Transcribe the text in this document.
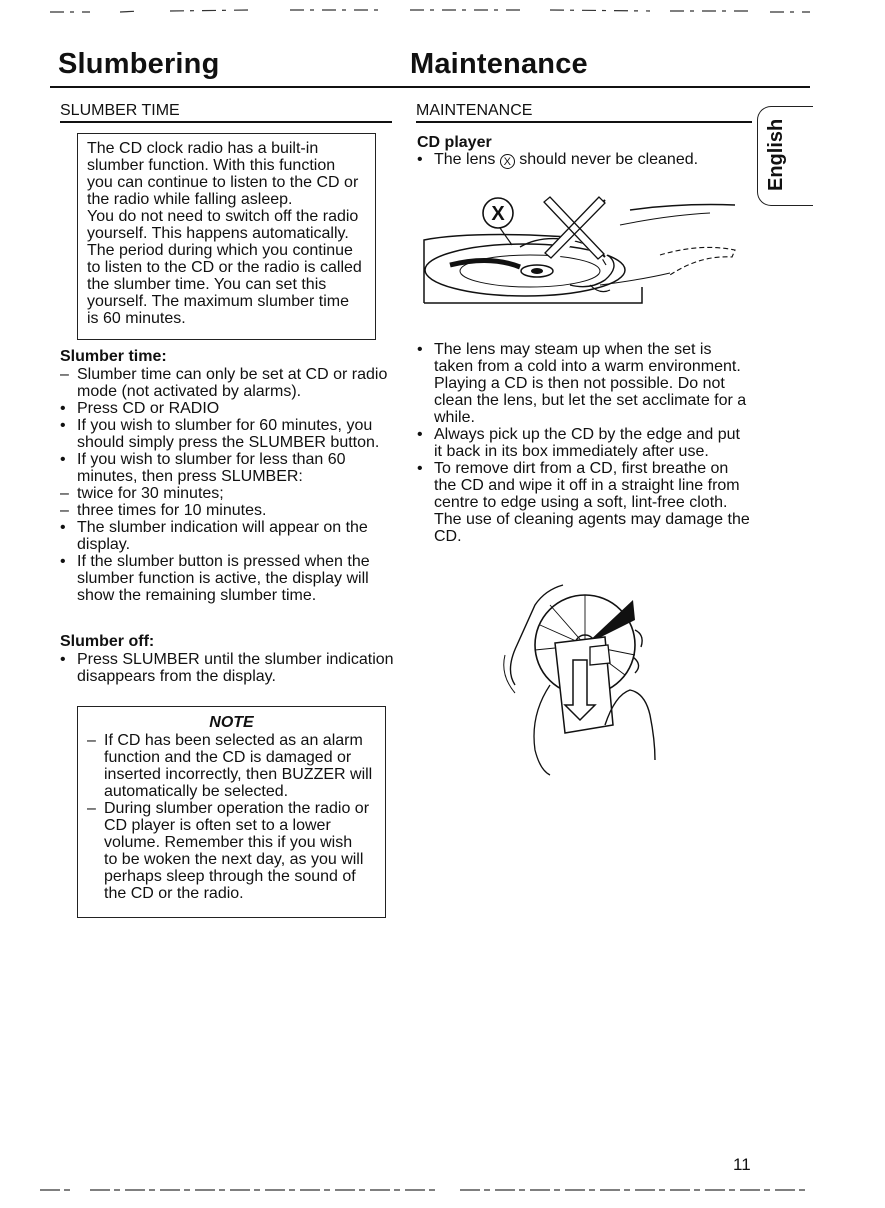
Slumbering	Maintenance
English
SLUMBER TIME
The CD clock radio has a built-in
slumber function. With this function
you can continue to listen to the CD or
the radio while falling asleep.
You do not need to switch off the radio
yourself. This happens automatically.
The period during which you continue
to listen to the CD or the radio is called
the slumber time. You can set this
yourself. The maximum slumber time
is 60 minutes.
Slumber time:
– Slumber time can only be set at CD or radio
mode (not activated by alarms).
• Press CD or RADIO
• If you wish to slumber for 60 minutes, you
should simply press the SLUMBER button.
• If you wish to slumber for less than 60
minutes, then press SLUMBER:
– twice for 30 minutes;
– three times for 10 minutes.
• The slumber indication will appear on the
display.
• If the slumber button is pressed when the
slumber function is active, the display will
show the remaining slumber time.
Slumber off:
• Press SLUMBER until the slumber indication
disappears from the display.
NOTE
– If CD has been selected as an alarm
function and the CD is damaged or
inserted incorrectly, then BUZZER will
automatically be selected.
– During slumber operation the radio or
CD player is often set to a lower
volume. Remember this if you wish
to be woken the next day, as you will
perhaps sleep through the sound of
the CD or the radio.
MAINTENANCE
CD player
• The lens X should never be cleaned.
X
• The lens may steam up when the set is
taken from a cold into a warm environment.
Playing a CD is then not possible. Do not
clean the lens, but let the set acclimate for a
while.
• Always pick up the CD by the edge and put
it back in its box immediately after use.
• To remove dirt from a CD, first breathe on
the CD and wipe it off in a straight line from
centre to edge using a soft, lint-free cloth.
The use of cleaning agents may damage the
CD.
11
